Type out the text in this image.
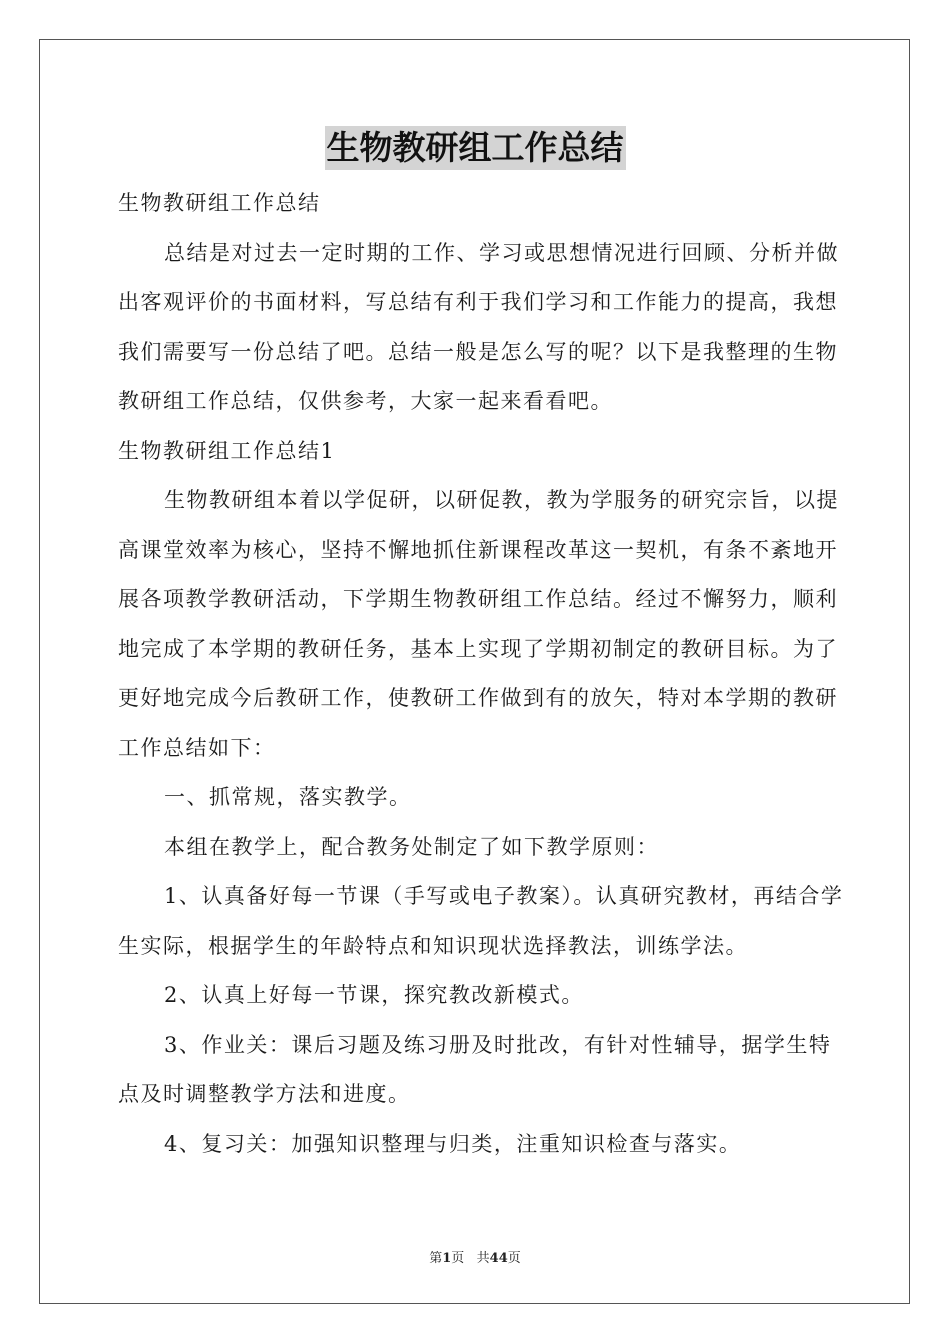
生物教研组工作总结

生物教研组工作总结

总结是对过去一定时期的工作、学习或思想情况进行回顾、分析并做出客观评价的书面材料，写总结有利于我们学习和工作能力的提高，我想我们需要写一份总结了吧。总结一般是怎么写的呢？以下是我整理的生物教研组工作总结，仅供参考，大家一起来看看吧。

生物教研组工作总结1

生物教研组本着以学促研，以研促教，教为学服务的研究宗旨，以提高课堂效率为核心，坚持不懈地抓住新课程改革这一契机，有条不紊地开展各项教学教研活动，下学期生物教研组工作总结。经过不懈努力，顺利地完成了本学期的教研任务，基本上实现了学期初制定的教研目标。为了更好地完成今后教研工作，使教研工作做到有的放矢，特对本学期的教研工作总结如下：

一、抓常规，落实教学。

本组在教学上，配合教务处制定了如下教学原则：

1、认真备好每一节课（手写或电子教案）。认真研究教材，再结合学生实际，根据学生的年龄特点和知识现状选择教法，训练学法。

2、认真上好每一节课，探究教改新模式。

3、作业关：课后习题及练习册及时批改，有针对性辅导，据学生特点及时调整教学方法和进度。

4、复习关：加强知识整理与归类，注重知识检查与落实。

第1页   共44页
